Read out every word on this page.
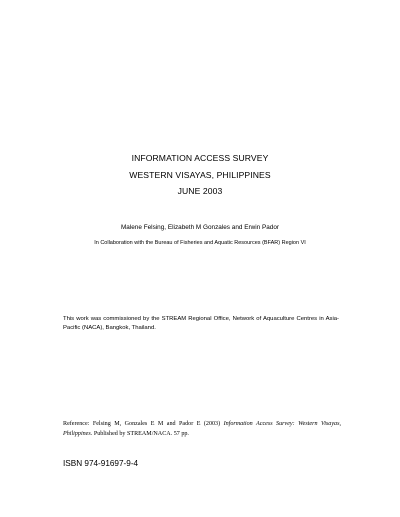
INFORMATION ACCESS SURVEY
WESTERN VISAYAS, PHILIPPINES
JUNE 2003
Malene Felsing, Elizabeth M Gonzales and Erwin Pador
In Collaboration with the Bureau of Fisheries and Aquatic Resources (BFAR) Region VI
This work was commissioned by the STREAM Regional Office, Network of Aquaculture Centres in Asia-Pacific (NACA), Bangkok, Thailand.
Reference: Felsing M, Gonzales E M and Pador E (2003) Information Access Survey: Western Visayas, Philippines. Published by STREAM/NACA. 57 pp.
ISBN 974-91697-9-4
